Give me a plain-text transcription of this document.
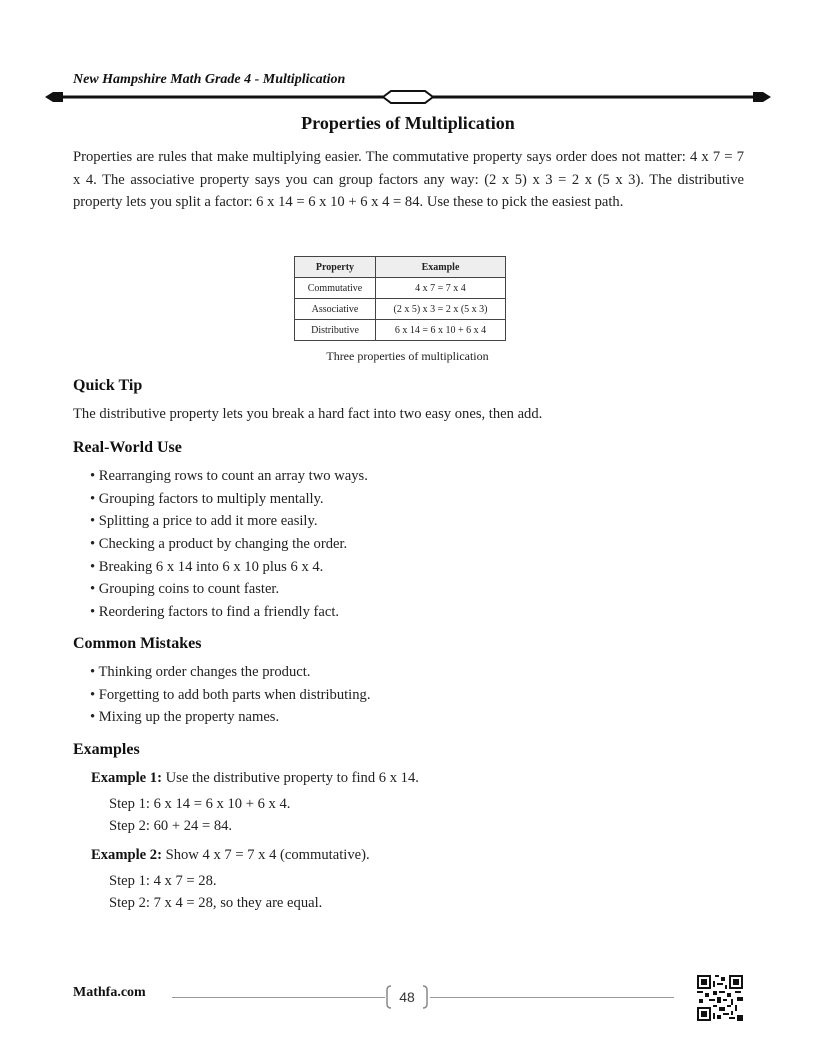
New Hampshire Math Grade 4 - Multiplication
Properties of Multiplication
Properties are rules that make multiplying easier. The commutative property says order does not matter: 4 x 7 = 7 x 4. The associative property says you can group factors any way: (2 x 5) x 3 = 2 x (5 x 3). The distributive property lets you split a factor: 6 x 14 = 6 x 10 + 6 x 4 = 84. Use these to pick the easiest path.
Property	Example
Commutative	4 x 7 = 7 x 4
Associative	(2 x 5) x 3 = 2 x (5 x 3)
Distributive	6 x 14 = 6 x 10 + 6 x 4
Three properties of multiplication
Quick Tip
The distributive property lets you break a hard fact into two easy ones, then add.
Real-World Use
• Rearranging rows to count an array two ways.
• Grouping factors to multiply mentally.
• Splitting a price to add it more easily.
• Checking a product by changing the order.
• Breaking 6 x 14 into 6 x 10 plus 6 x 4.
• Grouping coins to count faster.
• Reordering factors to find a friendly fact.
Common Mistakes
• Thinking order changes the product.
• Forgetting to add both parts when distributing.
• Mixing up the property names.
Examples
Example 1: Use the distributive property to find 6 x 14.
Step 1: 6 x 14 = 6 x 10 + 6 x 4.
Step 2: 60 + 24 = 84.
Example 2: Show 4 x 7 = 7 x 4 (commutative).
Step 1: 4 x 7 = 28.
Step 2: 7 x 4 = 28, so they are equal.
Mathfa.com	48
